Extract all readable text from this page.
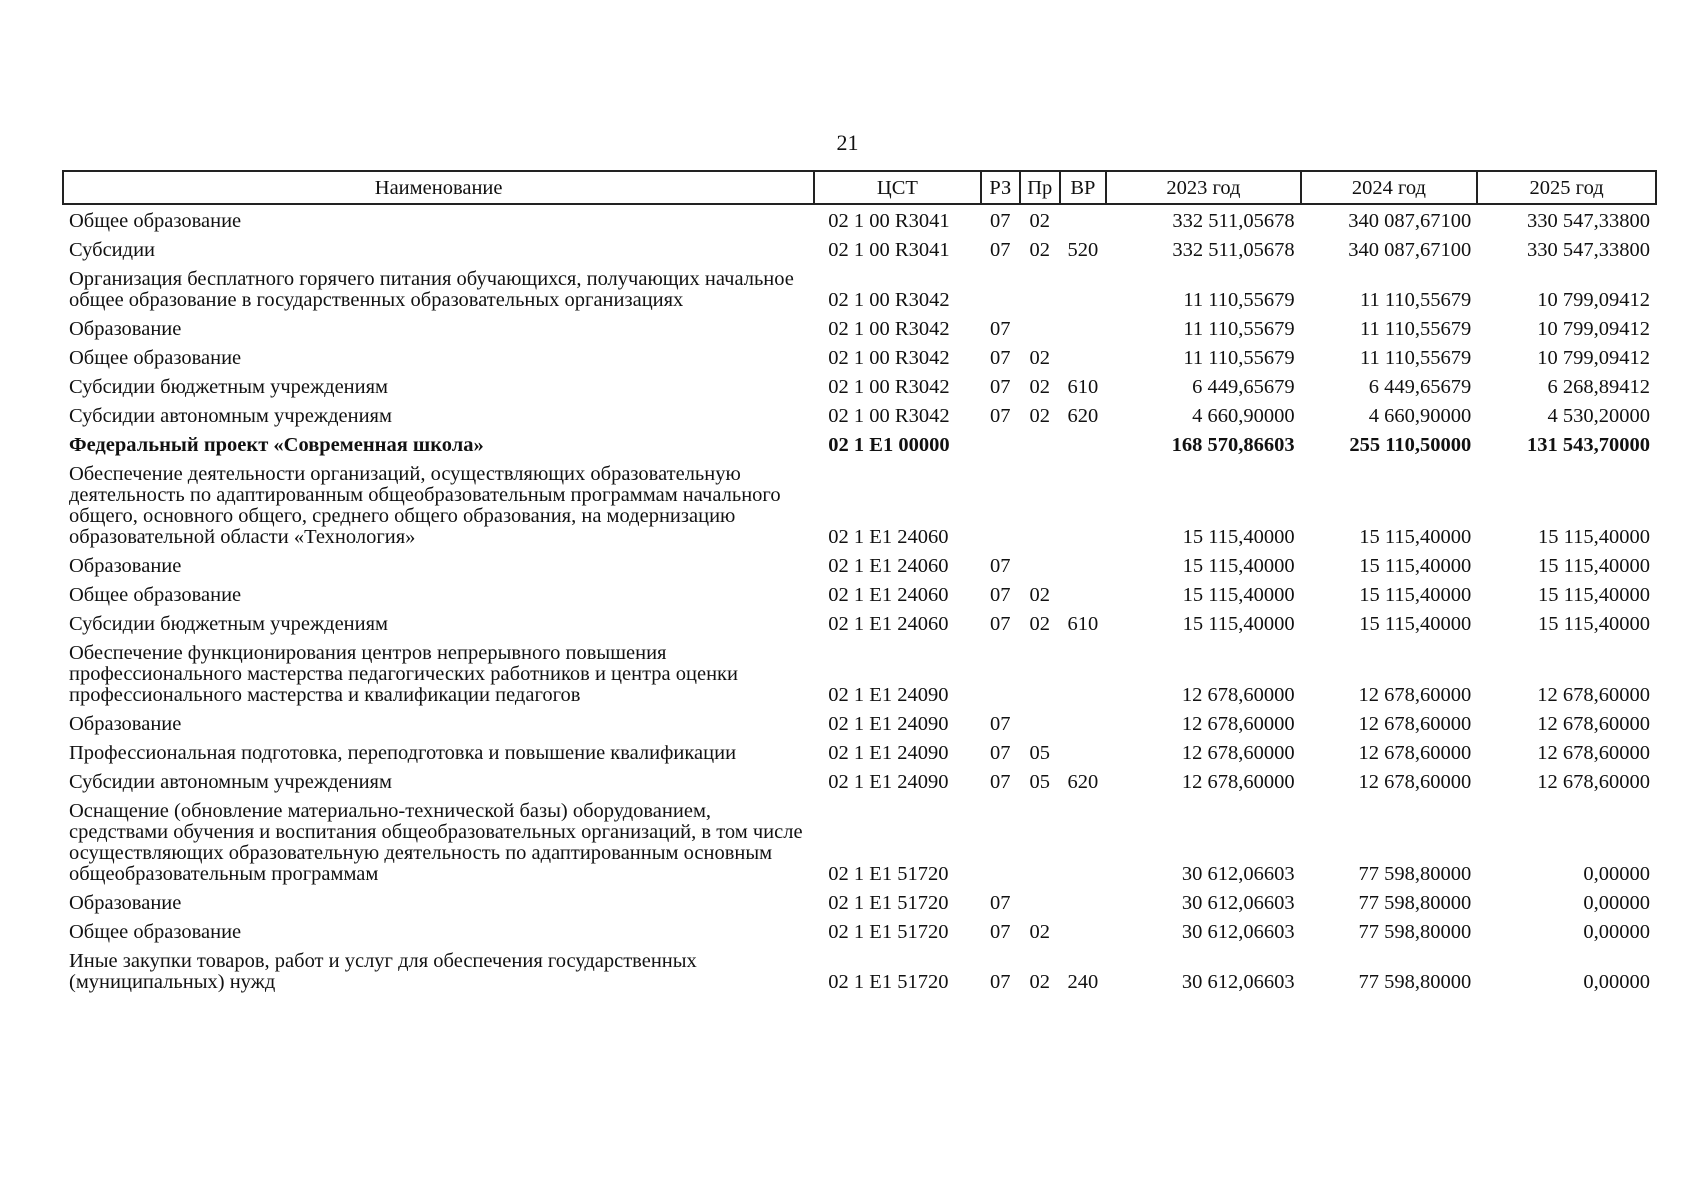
21
Наименование	ЦСТ	РЗ	Пр	ВР	2023 год	2024 год	2025 год
Общее образование	02 1 00 R3041	07	02		332 511,05678	340 087,67100	330 547,33800
Субсидии	02 1 00 R3041	07	02	520	332 511,05678	340 087,67100	330 547,33800
Организация бесплатного горячего питания обучающихся, получающих начальное общее образование в государственных образовательных организациях	02 1 00 R3042				11 110,55679	11 110,55679	10 799,09412
Образование	02 1 00 R3042	07			11 110,55679	11 110,55679	10 799,09412
Общее образование	02 1 00 R3042	07	02		11 110,55679	11 110,55679	10 799,09412
Субсидии бюджетным учреждениям	02 1 00 R3042	07	02	610	6 449,65679	6 449,65679	6 268,89412
Субсидии автономным учреждениям	02 1 00 R3042	07	02	620	4 660,90000	4 660,90000	4 530,20000
Федеральный проект «Современная школа»	02 1 E1 00000				168 570,86603	255 110,50000	131 543,70000
Обеспечение деятельности организаций, осуществляющих образовательную деятельность по адаптированным общеобразовательным программам начального общего, основного общего, среднего общего образования, на модернизацию образовательной области «Технология»	02 1 E1 24060				15 115,40000	15 115,40000	15 115,40000
Образование	02 1 E1 24060	07			15 115,40000	15 115,40000	15 115,40000
Общее образование	02 1 E1 24060	07	02		15 115,40000	15 115,40000	15 115,40000
Субсидии бюджетным учреждениям	02 1 E1 24060	07	02	610	15 115,40000	15 115,40000	15 115,40000
Обеспечение функционирования центров непрерывного повышения профессионального мастерства педагогических работников и центра оценки профессионального мастерства и квалификации педагогов	02 1 E1 24090				12 678,60000	12 678,60000	12 678,60000
Образование	02 1 E1 24090	07			12 678,60000	12 678,60000	12 678,60000
Профессиональная подготовка, переподготовка и повышение квалификации	02 1 E1 24090	07	05		12 678,60000	12 678,60000	12 678,60000
Субсидии автономным учреждениям	02 1 E1 24090	07	05	620	12 678,60000	12 678,60000	12 678,60000
Оснащение (обновление материально-технической базы) оборудованием, средствами обучения и воспитания общеобразовательных организаций, в том числе осуществляющих образовательную деятельность по адаптированным основным общеобразовательным программам	02 1 E1 51720				30 612,06603	77 598,80000	0,00000
Образование	02 1 E1 51720	07			30 612,06603	77 598,80000	0,00000
Общее образование	02 1 E1 51720	07	02		30 612,06603	77 598,80000	0,00000
Иные закупки товаров, работ и услуг для обеспечения государственных (муниципальных) нужд	02 1 E1 51720	07	02	240	30 612,06603	77 598,80000	0,00000
